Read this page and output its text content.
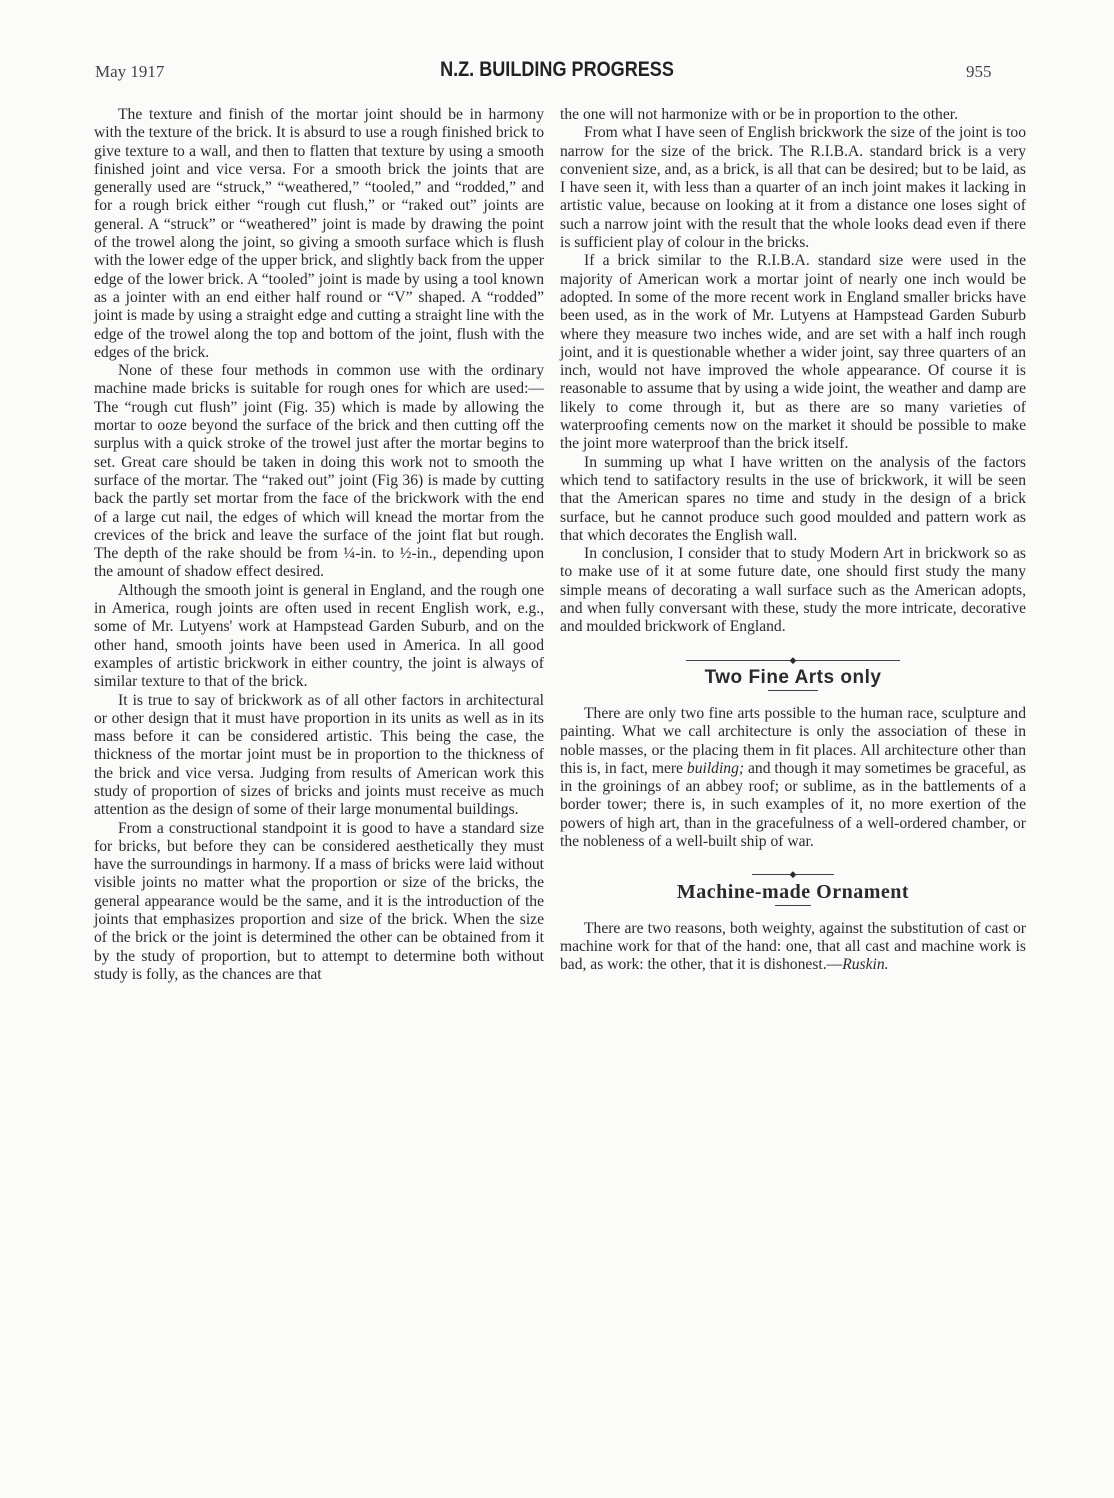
May 1917	N.Z. BUILDING PROGRESS	955

The texture and finish of the mortar joint should be in harmony with the texture of the brick. It is absurd to use a rough finished brick to give texture to a wall, and then to flatten that texture by using a smooth finished joint and vice versa. For a smooth brick the joints that are generally used are “struck,” “weathered,” “tooled,” and “rodded,” and for a rough brick either “rough cut flush,” or “raked out” joints are general. A “struck” or “weathered” joint is made by drawing the point of the trowel along the joint, so giving a smooth surface which is flush with the lower edge of the upper brick, and slightly back from the upper edge of the lower brick. A “tooled” joint is made by using a tool known as a jointer with an end either half round or “V” shaped. A “rodded” joint is made by using a straight edge and cutting a straight line with the edge of the trowel along the top and bottom of the joint, flush with the edges of the brick.

None of these four methods in common use with the ordinary machine made bricks is suitable for rough ones for which are used:—The “rough cut flush” joint (Fig. 35) which is made by allowing the mortar to ooze beyond the surface of the brick and then cutting off the surplus with a quick stroke of the trowel just after the mortar begins to set. Great care should be taken in doing this work not to smooth the surface of the mortar. The “raked out” joint (Fig 36) is made by cutting back the partly set mortar from the face of the brickwork with the end of a large cut nail, the edges of which will knead the mortar from the crevices of the brick and leave the surface of the joint flat but rough. The depth of the rake should be from ¼-in. to ½-in., depending upon the amount of shadow effect desired.

Although the smooth joint is general in England, and the rough one in America, rough joints are often used in recent English work, e.g., some of Mr. Lutyens' work at Hampstead Garden Suburb, and on the other hand, smooth joints have been used in America. In all good examples of artistic brickwork in either country, the joint is always of similar texture to that of the brick.

It is true to say of brickwork as of all other factors in architectural or other design that it must have proportion in its units as well as in its mass before it can be considered artistic. This being the case, the thickness of the mortar joint must be in proportion to the thickness of the brick and vice versa. Judging from results of American work this study of proportion of sizes of bricks and joints must receive as much attention as the design of some of their large monumental buildings.

From a constructional standpoint it is good to have a standard size for bricks, but before they can be considered aesthetically they must have the surroundings in harmony. If a mass of bricks were laid without visible joints no matter what the proportion or size of the bricks, the general appearance would be the same, and it is the introduction of the joints that emphasizes proportion and size of the brick. When the size of the brick or the joint is determined the other can be obtained from it by the study of proportion, but to attempt to determine both without study is folly, as the chances are that

the one will not harmonize with or be in proportion to the other.

From what I have seen of English brickwork the size of the joint is too narrow for the size of the brick. The R.I.B.A. standard brick is a very convenient size, and, as a brick, is all that can be desired; but to be laid, as I have seen it, with less than a quarter of an inch joint makes it lacking in artistic value, because on looking at it from a distance one loses sight of such a narrow joint with the result that the whole looks dead even if there is sufficient play of colour in the bricks.

If a brick similar to the R.I.B.A. standard size were used in the majority of American work a mortar joint of nearly one inch would be adopted. In some of the more recent work in England smaller bricks have been used, as in the work of Mr. Lutyens at Hampstead Garden Suburb where they measure two inches wide, and are set with a half inch rough joint, and it is questionable whether a wider joint, say three quarters of an inch, would not have improved the whole appearance. Of course it is reasonable to assume that by using a wide joint, the weather and damp are likely to come through it, but as there are so many varieties of waterproofing cements now on the market it should be possible to make the joint more waterproof than the brick itself.

In summing up what I have written on the analysis of the factors which tend to satifactory results in the use of brickwork, it will be seen that the American spares no time and study in the design of a brick surface, but he cannot produce such good moulded and pattern work as that which decorates the English wall.

In conclusion, I consider that to study Modern Art in brickwork so as to make use of it at some future date, one should first study the many simple means of decorating a wall surface such as the American adopts, and when fully conversant with these, study the more intricate, decorative and moulded brickwork of England.

◆
Two Fine Arts only

There are only two fine arts possible to the human race, sculpture and painting. What we call architecture is only the association of these in noble masses, or the placing them in fit places. All architecture other than this is, in fact, mere building; and though it may sometimes be graceful, as in the groinings of an abbey roof; or sublime, as in the battlements of a border tower; there is, in such examples of it, no more exertion of the powers of high art, than in the gracefulness of a well-ordered chamber, or the nobleness of a well-built ship of war.

◆
Machine-made Ornament

There are two reasons, both weighty, against the substitution of cast or machine work for that of the hand: one, that all cast and machine work is bad, as work: the other, that it is dishonest.—Ruskin.
